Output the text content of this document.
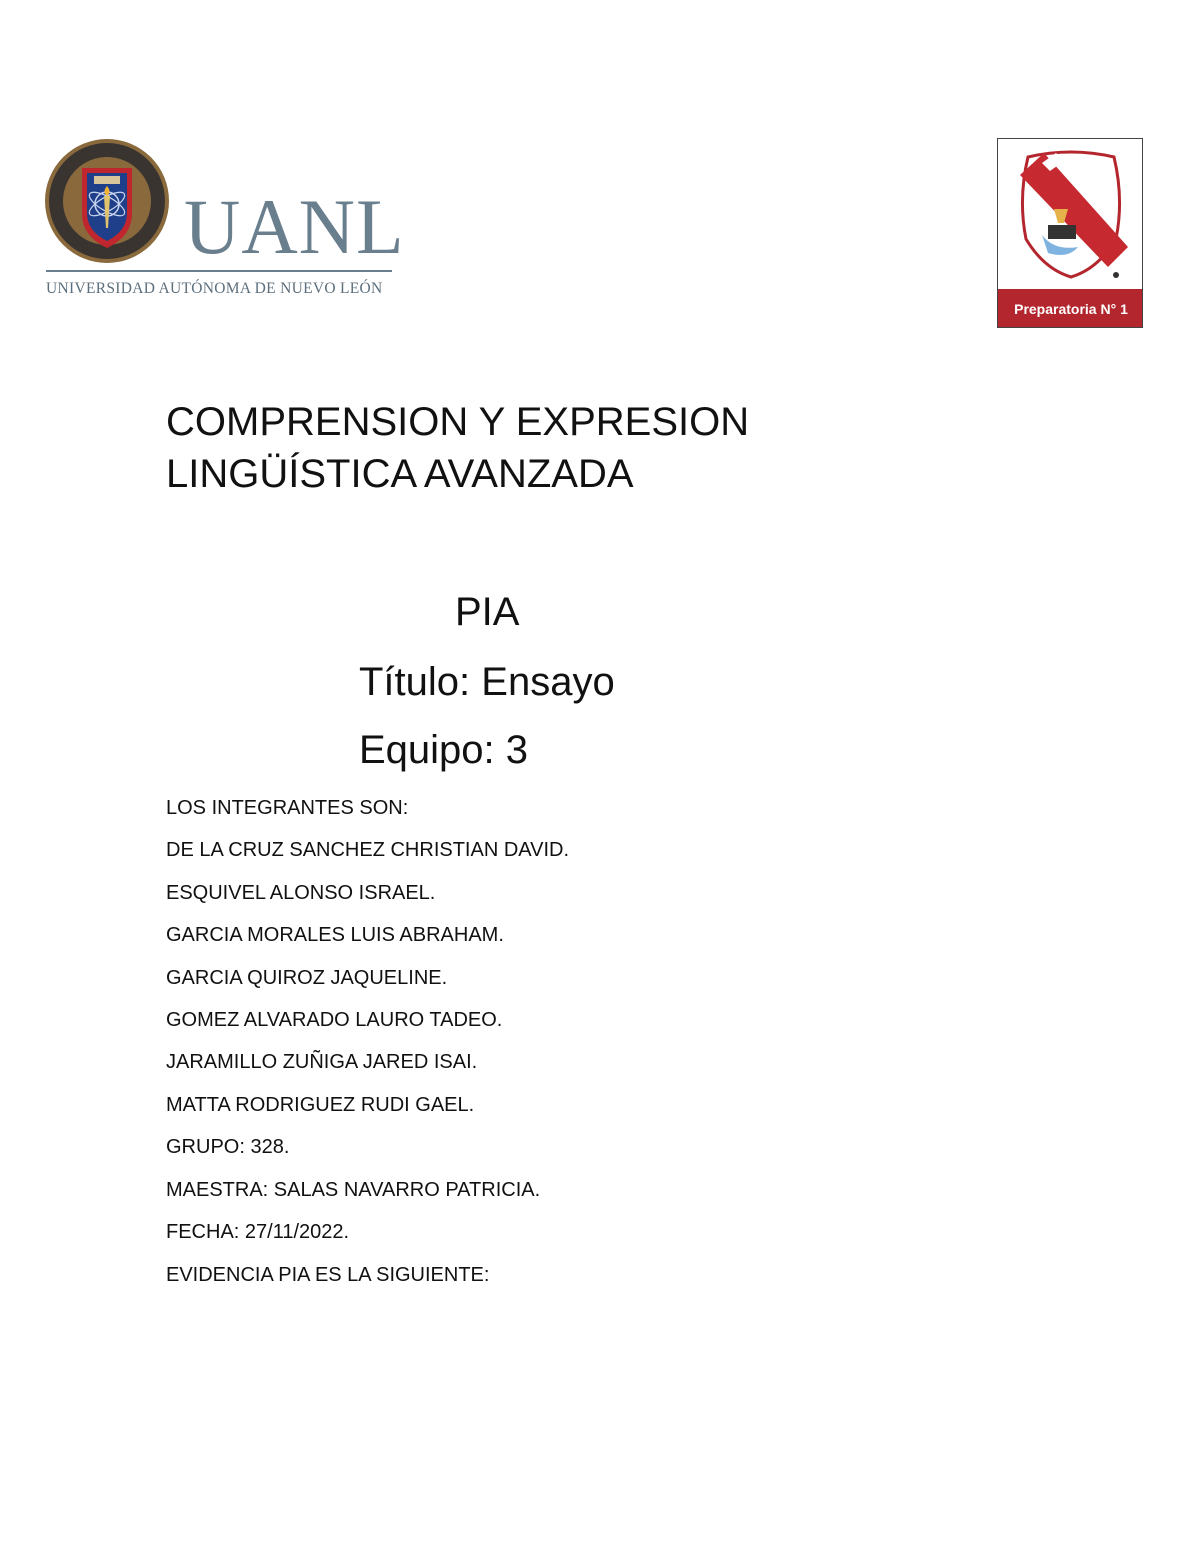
UANL
UNIVERSIDAD AUTÓNOMA DE NUEVO LEÓN
Preparatoria N° 1
COMPRENSION Y EXPRESION
LINGÜÍSTICA AVANZADA
PIA
Título: Ensayo
Equipo: 3
LOS INTEGRANTES SON:
DE LA CRUZ SANCHEZ CHRISTIAN DAVID.
ESQUIVEL ALONSO ISRAEL.
GARCIA MORALES LUIS ABRAHAM.
GARCIA QUIROZ JAQUELINE.
GOMEZ ALVARADO LAURO TADEO.
JARAMILLO ZUÑIGA JARED ISAI.
MATTA RODRIGUEZ RUDI GAEL.
GRUPO: 328.
MAESTRA: SALAS NAVARRO PATRICIA.
FECHA: 27/11/2022.
EVIDENCIA PIA ES LA SIGUIENTE:
